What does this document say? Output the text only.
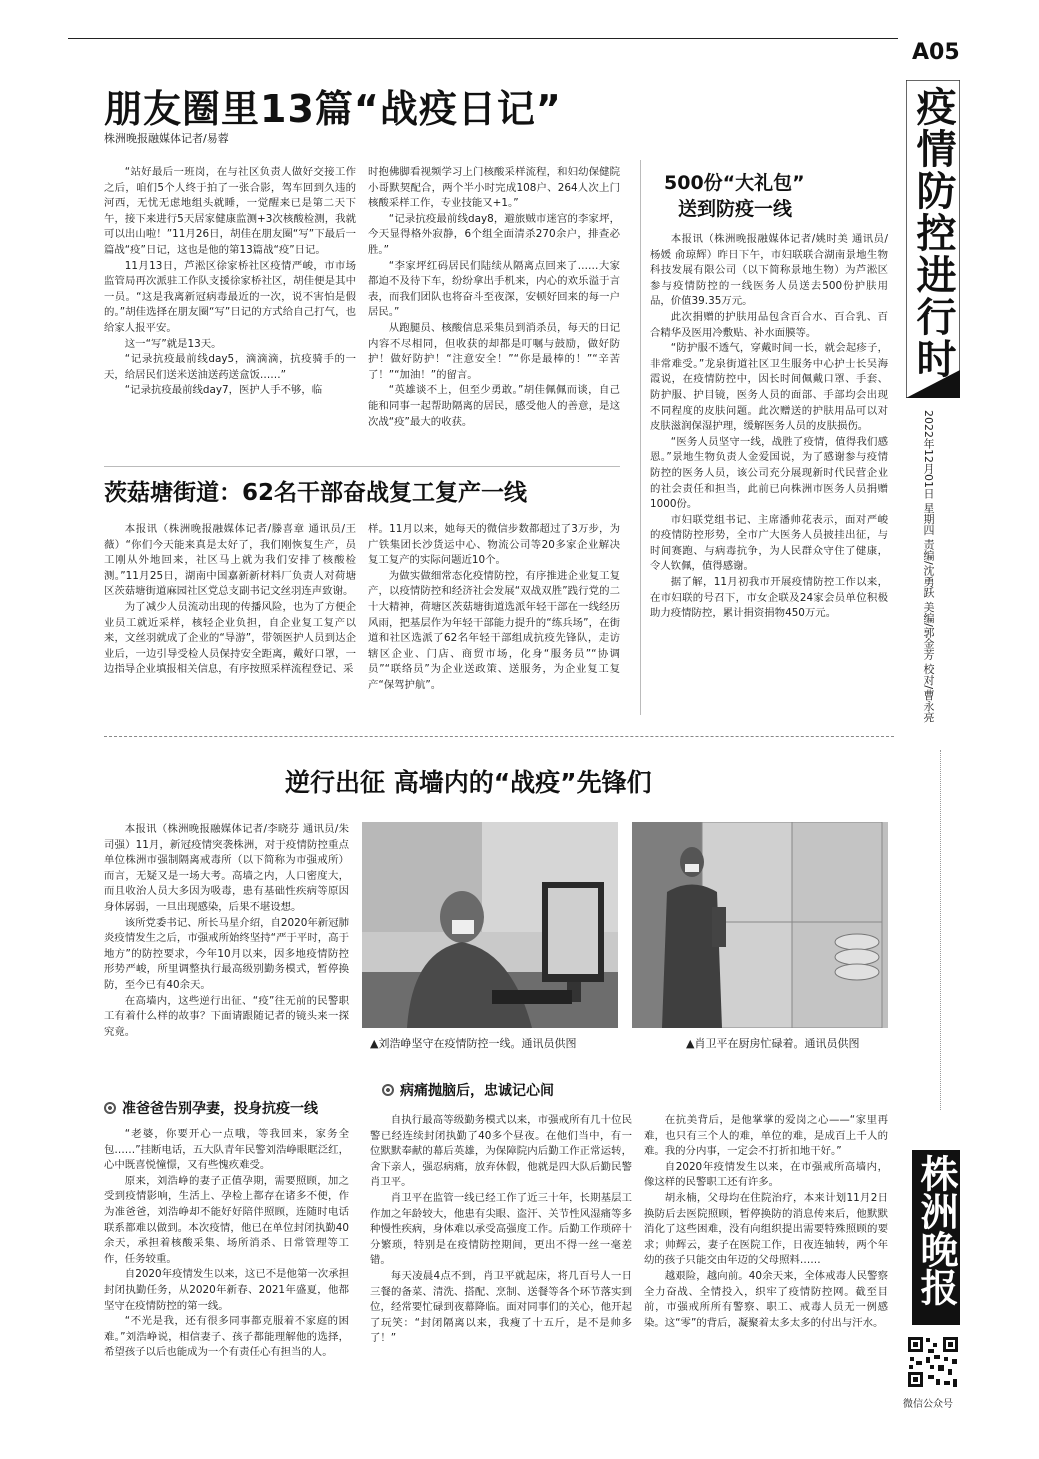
A05
疫情防控进行时
2022年12月01日 星期四 责编/沈勇跃 美编/郭金芳 校对/曹永亮
株洲晚报
微信公众号
朋友圈里13篇“战疫日记”
株洲晚报融媒体记者/易蓉

“站好最后一班岗，在与社区负责人做好交接工作之后，咱们5个人终于拍了一张合影，驾车回到久违的河西，无忧无虑地组头就睡，一觉醒来已是第二天下午，接下来进行5天居家健康监测+3次核酸检测，我就可以出山啦！”11月26日，胡佳在朋友圈“写”下最后一篇战“疫”日记，这也是他的第13篇战“疫”日记。

11月13日，芦淞区徐家桥社区疫情严峻，市市场监管局再次派驻工作队支援徐家桥社区，胡佳便是其中一员。“这是我离新冠病毒最近的一次，说不害怕是假的。”胡佳选择在朋友圈“写”日记的方式给自己打气，也给家人报平安。

这一“写”就是13天。

“记录抗疫最前线day5，滴滴滴，抗疫骑手的一天，给居民们送米送油送药送盒饭……”

“记录抗疫最前线day7，医护人手不够，临

时抱佛脚看视频学习上门核酸采样流程，和妇幼保健院小哥默契配合，两个半小时完成108户、264人次上门核酸采样工作，专业技能又+1。”

“记录抗疫最前线day8，避旅贼市迷宫的李家坪，今天显得格外寂静，6个组全面清杀270余户，排查必胜。”

“李家坪红码居民们陆续从隔离点回来了……大家都迫不及待下车，纷纷拿出手机来，内心的欢乐溢于言表，而我们团队也将奋斗至夜深，安顿好回来的每一户居民。”

从跑腿员、核酸信息采集员到消杀员，每天的日记内容不尽相同，但收获的却都是叮嘱与鼓励，做好防护！做好防护！“注意安全！”“你是最棒的！”“辛苦了！”“加油！”的留言。

“英雄谈不上，但至少勇敢。”胡佳佩佩而谈，自己能和同事一起帮助隔离的居民，感受他人的善意，是这次战“疫”最大的收获。

500份“大礼包”
送到防疫一线

本报讯（株洲晚报融媒体记者/姚时美 通讯员/杨媛 俞琼辉）昨日下午，市妇联联合湖南景地生物科技发展有限公司（以下简称景地生物）为芦淞区参与疫情防控的一线医务人员送去500份护肤用品，价值39.35万元。

此次捐赠的护肤用品包含百合水、百合乳、百合精华及医用冷敷贴、补水面膜等。

“防护服不透气，穿戴时间一长，就会起疹子，非常难受。”龙泉街道社区卫生服务中心护士长吴海霞说，在疫情防控中，因长时间佩戴口罩、手套、防护服、护目镜，医务人员的面部、手部均会出现不同程度的皮肤问题。此次赠送的护肤用品可以对皮肤滋润保湿护理，缓解医务人员的皮肤损伤。

“医务人员坚守一线，战胜了疫情，值得我们感恩。”景地生物负责人金爱国说，为了感谢参与疫情防控的医务人员，该公司充分展现新时代民营企业的社会责任和担当，此前已向株洲市医务人员捐赠1000份。

市妇联党组书记、主席潘帅花表示，面对严峻的疫情防控形势，全市广大医务人员披挂出征，与时间赛跑、与病毒抗争，为人民群众守住了健康，令人钦佩，值得感谢。

据了解，11月初我市开展疫情防控工作以来，在市妇联的号召下，市女企联及24家会员单位积极助力疫情防控，累计捐资捐物450万元。

茨菇塘街道：62名干部奋战复工复产一线

本报讯（株洲晚报融媒体记者/滕喜章 通讯员/王薇）“你们今天能来真是太好了，我们刚恢复生产，员工刚从外地回来，社区马上就为我们安排了核酸检测。”11月25日，湖南中国嘉新新材料厂负责人对荷塘区茨菇塘街道麻园社区党总支副书记文丝羽连声致谢。

为了减少人员流动出现的传播风险，也为了方便企业员工就近采样，核轻企业负担，自企业复工复产以来，文丝羽就成了企业的“导游”，带领医护人员到达企业后，一边引导受检人员保持安全距离，戴好口罩，一边指导企业填报相关信息，有序按照采样流程登记、采

样。11月以来，她每天的微信步数都超过了3万步，为广铁集团长沙货运中心、物流公司等20多家企业解决复工复产的实际问题近10个。

为做实做细常态化疫情防控，有序推进企业复工复产，以疫情防控和经济社会发展“双战双胜”践行党的二十大精神，荷塘区茨菇塘街道选派年轻干部在一线经历风雨，把基层作为年轻干部能力提升的“练兵场”，在街道和社区选派了62名年轻干部组成抗疫先锋队，走访辖区企业、门店、商贸市场，化身“服务员”“协调员”“联络员”为企业送政策、送服务，为企业复工复产“保驾护航”。

逆行出征 高墙内的“战疫”先锋们

本报讯（株洲晚报融媒体记者/李晓芬 通讯员/朱司强）11月，新冠疫情突袭株洲，对于疫情防控重点单位株洲市强制隔离戒毒所（以下简称为市强戒所）而言，无疑又是一场大考。高墙之内，人口密度大，而且收治人员大多因为吸毒，患有基础性疾病等原因身体孱弱，一旦出现感染，后果不堪设想。

该所党委书记、所长马星介绍，自2020年新冠肺炎疫情发生之后，市强戒所始终坚持“严于平时，高于地方”的防控要求，今年10月以来，因多地疫情防控形势严峻，所里调整执行最高级别勤务模式，暂停换防，至今已有40余天。

在高墙内，这些逆行出征、“疫”往无前的民警职工有着什么样的故事？下面请跟随记者的镜头来一探究竟。

▲刘浩峥坚守在疫情防控一线。通讯员供图	▲肖卫平在厨房忙碌着。通讯员供图
准爸爸告别孕妻，投身抗疫一线

“老婆，你要开心一点哦，等我回来，家务全包……”挂断电话，五大队青年民警刘浩峥眼眶泛红，心中既喜悦憧憬，又有些愧疚难受。

原来，刘浩峥的妻子正值孕期，需要照顾，加之受到疫情影响，生活上、孕检上都存在诸多不便，作为准爸爸，刘浩峥却不能好好陪伴照顾，连随时电话联系都难以做到。本次疫情，他已在单位封闭执勤40余天，承担着核酸采集、场所消杀、日常管理等工作，任务较重。

自2020年疫情发生以来，这已不是他第一次承担封闭执勤任务，从2020年新春、2021年盛夏，他都坚守在疫情防控的第一线。

“不光是我，还有很多同事都克服着不家庭的困难。”刘浩峥说，相信妻子、孩子都能理解他的选择，希望孩子以后也能成为一个有责任心有担当的人。

病痛抛脑后，忠诚记心间

自执行最高等级勤务模式以来，市强戒所有几十位民警已经连续封闭执勤了40多个昼夜。在他们当中，有一位默默奉献的幕后英雄，为保障院内后勤工作正常运转，舍下亲人，强忍病痛，放弃休假，他就是四大队后勤民警肖卫平。

肖卫平在监管一线已经工作了近三十年，长期基层工作加之年龄较大，他患有尖眼、盗汗、关节性风湿痛等多种慢性疾病，身体难以承受高强度工作。后勤工作琐碎十分繁琐，特别是在疫情防控期间，更出不得一丝一毫差错。

每天凌晨4点不到，肖卫平就起床，将几百号人一日三餐的备菜、清洗、搭配、烹制、送餐等各个环节落实到位，经常要忙碌到夜幕降临。面对同事们的关心，他开起了玩笑：“封闭隔离以来，我瘦了十五斤，是不是帅多了！”

在抗美背后，是他掌掌的爱岗之心——“家里再难，也只有三个人的难，单位的难，是成百上千人的难。我的分内事，一定会不打折扣地干好。”

自2020年疫情发生以来，在市强戒所高墙内，像这样的民警职工还有许多。

胡永楠，父母均在住院治疗，本来计划11月2日换防后去医院照顾，暂停换防的消息传来后，他默默消化了这些困难，没有向组织提出需要特殊照顾的要求；帅辉云，妻子在医院工作，日夜连轴转，两个年幼的孩子只能交由年迈的父母照料……

越艰险，越向前。40余天来，全体戒毒人民警察全力奋战、全情投入，织牢了疫情防控网。截至目前，市强戒所所有警察、职工、戒毒人员无一例感染。这“零”的背后，凝聚着太多太多的付出与汗水。
